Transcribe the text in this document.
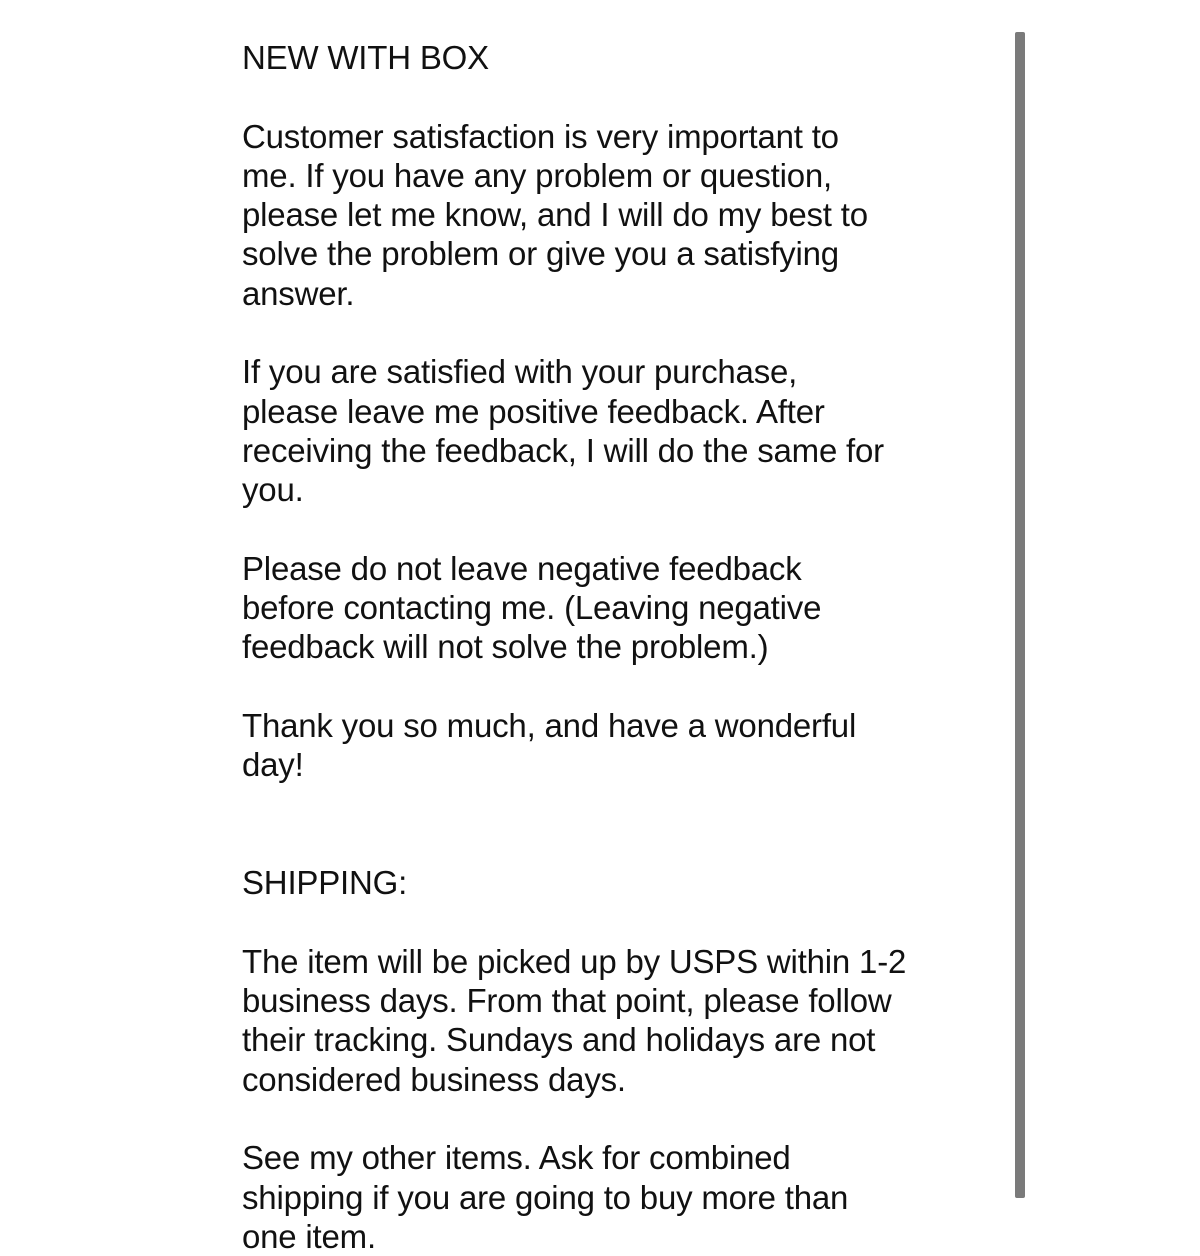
NEW WITH BOX
Customer satisfaction is very important to
me. If you have any problem or question,
please let me know, and I will do my best to
solve the problem or give you a satisfying
answer.
If you are satisfied with your purchase,
please leave me positive feedback. After
receiving the feedback, I will do the same for
you.
Please do not leave negative feedback
before contacting me. (Leaving negative
feedback will not solve the problem.)
Thank you so much, and have a wonderful
day!

SHIPPING:

The item will be picked up by USPS within 1-2
business days. From that point, please follow
their tracking. Sundays and holidays are not
considered business days.

See my other items. Ask for combined
shipping if you are going to buy more than
one item.
